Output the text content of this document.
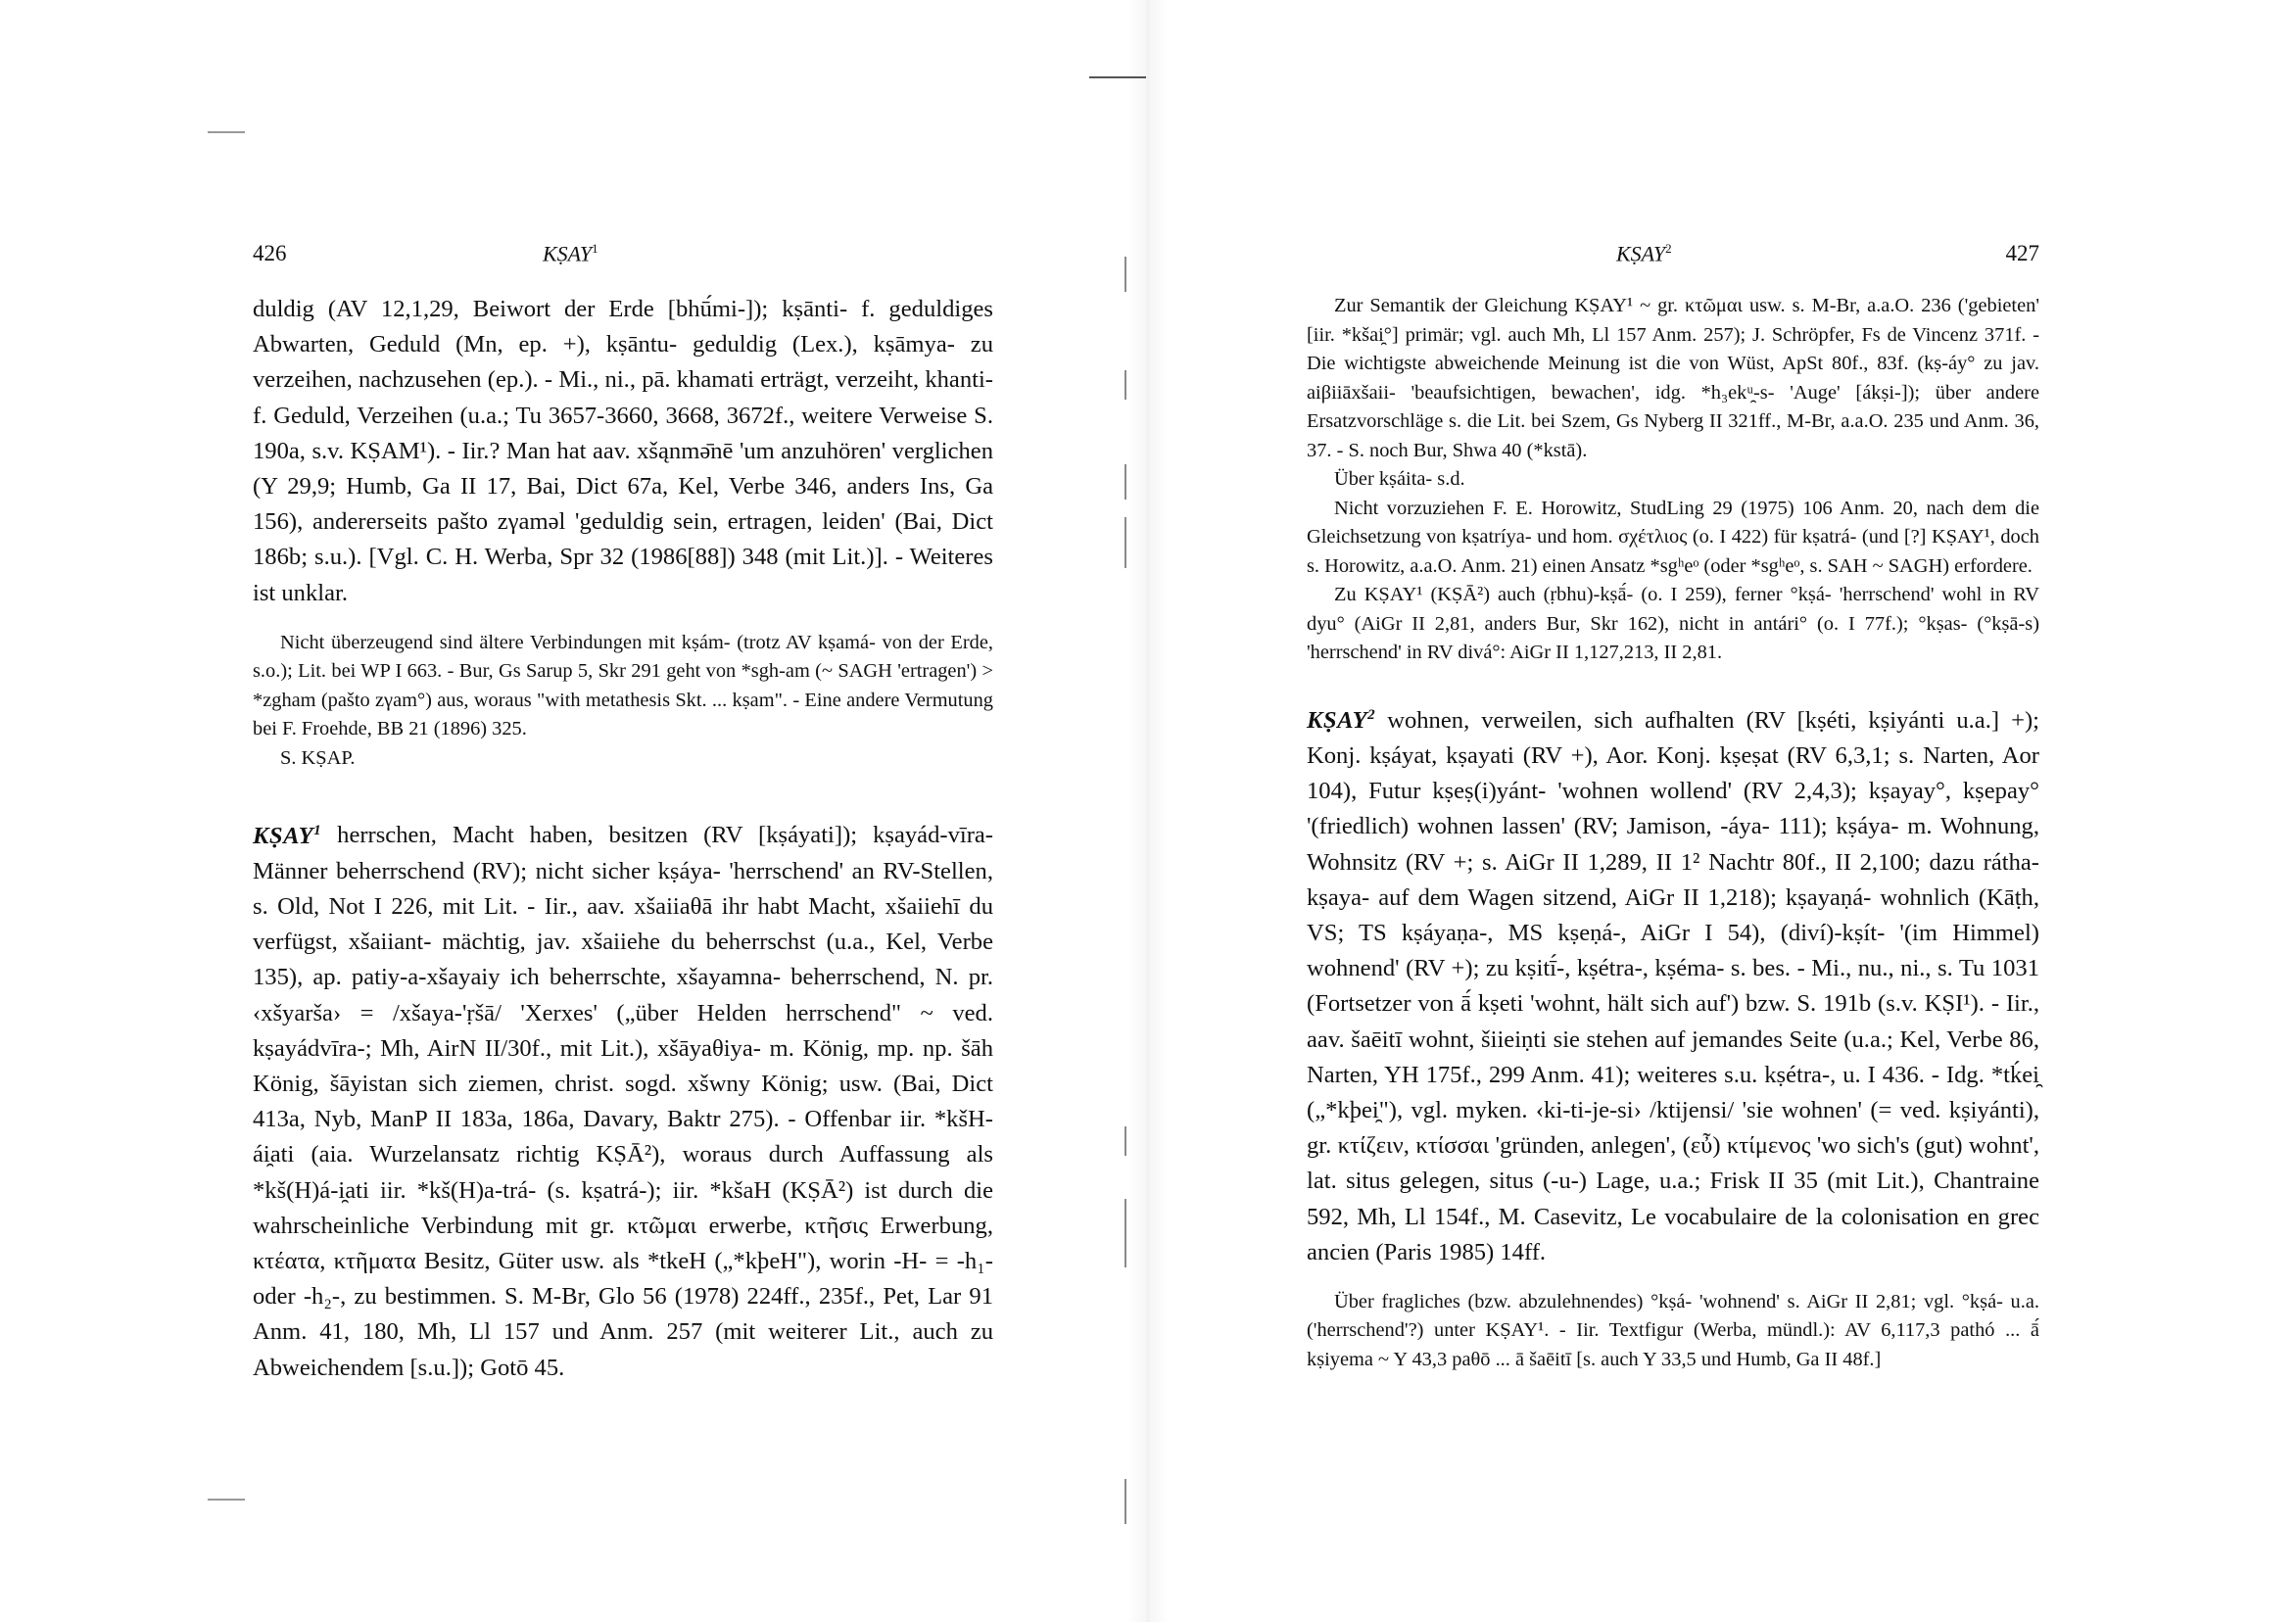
426	KṢAY$^1$

duldig (AV 12,1,29, Beiwort der Erde [bhū́mi-]); kṣānti- f. geduldiges Abwarten, Geduld (Mn, ep. +), kṣāntu- geduldig (Lex.), kṣāmya- zu verzeihen, nachzusehen (ep.). - Mi., ni., pā. khamati erträgt, verzeiht, khanti- f. Geduld, Verzeihen (u.a.; Tu 3657-3660, 3668, 3672f., weitere Verweise S. 190a, s.v. KṢAM¹). - Iir.? Man hat aav. xšąnmə̄nē 'um anzuhören' verglichen (Y 29,9; Humb, Ga II 17, Bai, Dict 67a, Kel, Verbe 346, anders Ins, Ga 156), andererseits pašto zγaməl 'geduldig sein, ertragen, leiden' (Bai, Dict 186b; s.u.). [Vgl. C. H. Werba, Spr 32 (1986[88]) 348 (mit Lit.)]. - Weiteres ist unklar.

Nicht überzeugend sind ältere Verbindungen mit kṣám- (trotz AV kṣamá- von der Erde, s.o.); Lit. bei WP I 663. - Bur, Gs Sarup 5, Skr 291 geht von *sgh-am (~ SAGH 'ertragen') > *zgham (pašto zγam°) aus, woraus "with metathesis Skt. ... kṣam". - Eine andere Vermutung bei F. Froehde, BB 21 (1896) 325.

S. KṢAP.

KṢAY$^1$ herrschen, Macht haben, besitzen (RV [kṣáyati]); kṣayád-vīra- Männer beherrschend (RV); nicht sicher kṣáya- 'herrschend' an RV-Stellen, s. Old, Not I 226, mit Lit. - Iir., aav. xšaiiaθā ihr habt Macht, xšaiiehī du verfügst, xšaiiant- mächtig, jav. xšaiiehe du beherrschst (u.a., Kel, Verbe 135), ap. patiy-a-xšayaiy ich beherrschte, xšayamna- beherrschend, N. pr. ‹xšyarša› = /xšaya-'ṛšā/ 'Xerxes' („über Helden herrschend" ~ ved. kṣayádvīra-; Mh, AirN II/30f., mit Lit.), xšāyaθiya- m. König, mp. np. šāh König, šāyistan sich ziemen, christ. sogd. xšwny König; usw. (Bai, Dict 413a, Nyb, ManP II 183a, 186a, Davary, Baktr 275). - Offenbar iir. *kšH-ái̯ati (aia. Wurzelansatz richtig KṢĀ²), woraus durch Auffassung als *kš(H)á-i̯ati iir. *kš(H)a-trá- (s. kṣatrá-); iir. *kšaH (KṢĀ²) ist durch die wahrscheinliche Verbindung mit gr. κτῶμαι erwerbe, κτῆσις Erwerbung, κτέατα, κτῆματα Besitz, Güter usw. als *tkeH („*kþeH"), worin -H- = -h₁- oder -h₂-, zu bestimmen. S. M-Br, Glo 56 (1978) 224ff., 235f., Pet, Lar 91 Anm. 41, 180, Mh, Ll 157 und Anm. 257 (mit weiterer Lit., auch zu Abweichendem [s.u.]); Gotō 45.

KṢAY$^2$	427

Zur Semantik der Gleichung KṢAY¹ ~ gr. κτῶμαι usw. s. M-Br, a.a.O. 236 ('gebieten' [iir. *kšai̯°] primär; vgl. auch Mh, Ll 157 Anm. 257); J. Schröpfer, Fs de Vincenz 371f. - Die wichtigste abweichende Meinung ist die von Wüst, ApSt 80f., 83f. (kṣ-áy° zu jav. aiβiiāxšaii- 'beaufsichtigen, bewachen', idg. *h₃ekᵘ̯-s- 'Auge' [ákṣi-]); über andere Ersatzvorschläge s. die Lit. bei Szem, Gs Nyberg II 321ff., M-Br, a.a.O. 235 und Anm. 36, 37. - S. noch Bur, Shwa 40 (*kstā).

Über kṣáita- s.d.

Nicht vorzuziehen F. E. Horowitz, StudLing 29 (1975) 106 Anm. 20, nach dem die Gleichsetzung von kṣatríya- und hom. σχέτλιος (o. I 422) für kṣatrá- (und [?] KṢAY¹, doch s. Horowitz, a.a.O. Anm. 21) einen Ansatz *sgʰeᵒ (oder *sgʰeᵒ, s. SAH ~ SAGH) erfordere.

Zu KṢAY¹ (KṢĀ²) auch (ṛbhu)-kṣā́- (o. I 259), ferner °kṣá- 'herrschend' wohl in RV dyu° (AiGr II 2,81, anders Bur, Skr 162), nicht in antári° (o. I 77f.); °kṣas- (°kṣā-s) 'herrschend' in RV divá°: AiGr II 1,127,213, II 2,81.

KṢAY$^2$ wohnen, verweilen, sich aufhalten (RV [kṣéti, kṣiyánti u.a.] +); Konj. kṣáyat, kṣayati (RV +), Aor. Konj. kṣeṣat (RV 6,3,1; s. Narten, Aor 104), Futur kṣeṣ(i)yánt- 'wohnen wollend' (RV 2,4,3); kṣayay°, kṣepay° '(friedlich) wohnen lassen' (RV; Jamison, -áya- 111); kṣáya- m. Wohnung, Wohnsitz (RV +; s. AiGr II 1,289, II 1² Nachtr 80f., II 2,100; dazu rátha-kṣaya- auf dem Wagen sitzend, AiGr II 1,218); kṣayaṇá- wohnlich (Kāṭh, VS; TS kṣáyaṇa-, MS kṣeṇá-, AiGr I 54), (diví)-kṣít- '(im Himmel) wohnend' (RV +); zu kṣitī́-, kṣétra-, kṣéma- s. bes. - Mi., nu., ni., s. Tu 1031 (Fortsetzer von ā́ kṣeti 'wohnt, hält sich auf') bzw. S. 191b (s.v. KṢI¹). - Iir., aav. šaēitī wohnt, šiieiṇti sie stehen auf jemandes Seite (u.a.; Kel, Verbe 86, Narten, YH 175f., 299 Anm. 41); weiteres s.u. kṣétra-, u. I 436. - Idg. *tḱei̯ („*kþei̯"), vgl. myken. ‹ki-ti-je-si› /ktijensi/ 'sie wohnen' (= ved. kṣiyánti), gr. κτίζειν, κτίσσαι 'gründen, anlegen', (εὖ) κτίμενος 'wo sich's (gut) wohnt', lat. situs gelegen, situs (-u-) Lage, u.a.; Frisk II 35 (mit Lit.), Chantraine 592, Mh, Ll 154f., M. Casevitz, Le vocabulaire de la colonisation en grec ancien (Paris 1985) 14ff.

Über fragliches (bzw. abzulehnendes) °kṣá- 'wohnend' s. AiGr II 2,81; vgl. °kṣá- u.a. ('herrschend'?) unter KṢAY¹. - Iir. Textfigur (Werba, mündl.): AV 6,117,3 pathó ... ā́ kṣiyema ~ Y 43,3 paθō ... ā šaēitī [s. auch Y 33,5 und Humb, Ga II 48f.]
